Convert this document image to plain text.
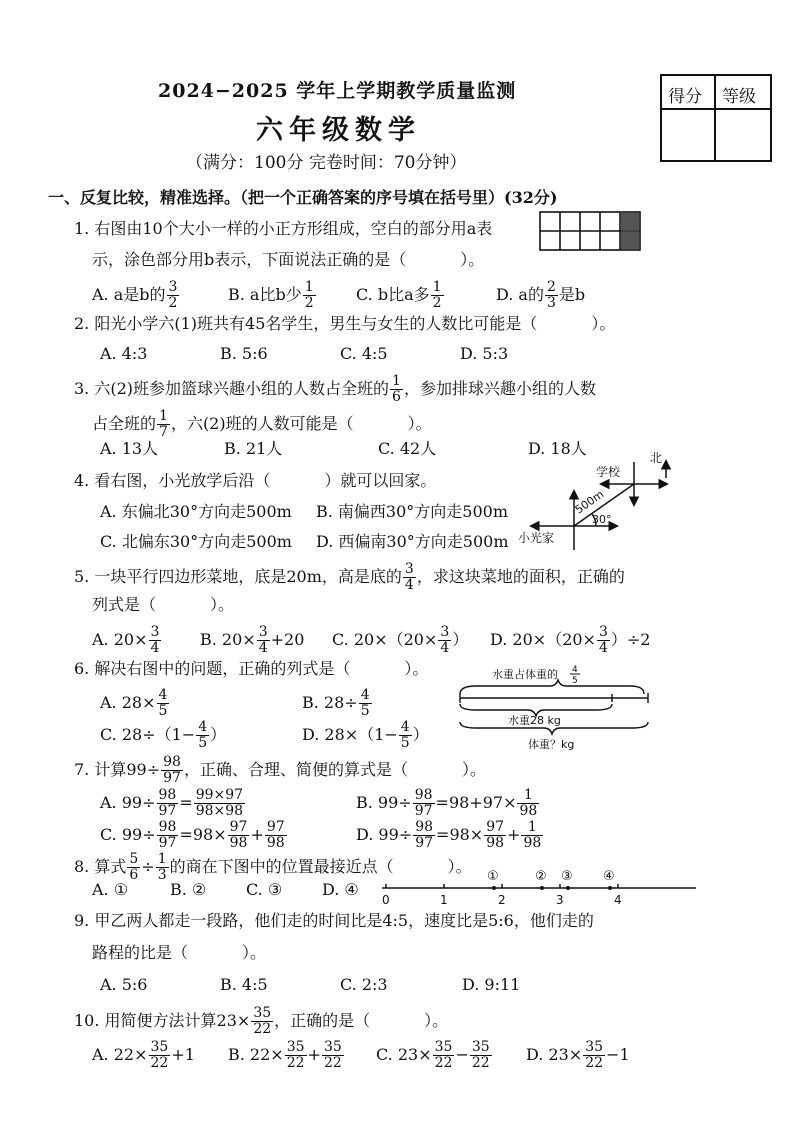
2024−2025 学年上学期教学质量监测
六年级数学
（满分：100分 完卷时间：70分钟）
得分 等级
一、反复比较，精准选择。（把一个正确答案的序号填在括号里）(32分)
1. 右图由10个大小一样的小正方形组成，空白的部分用a表
示，涂色部分用b表示，下面说法正确的是（	）。
A. a是b的 $\frac{3}{2}$	B. a比b少 $\frac{1}{2}$	C. b比a多 $\frac{1}{2}$	D. a的 $\frac{2}{3}$ 是b
2. 阳光小学六(1)班共有45名学生，男生与女生的人数比可能是（	）。
A. 4:3	B. 5:6	C. 4:5	D. 5:3
3. 六(2)班参加篮球兴趣小组的人数占全班的 $\frac{1}{6}$ ，参加排球兴趣小组的人数
占全班的 $\frac{1}{7}$ ，六(2)班的人数可能是（	）。
A. 13人	B. 21人	C. 42人	D. 18人
4. 看右图，小光放学后沿（	）就可以回家。
A. 东偏北30°方向走500m B. 南偏西30°方向走500m
C. 北偏东30°方向走500m D. 西偏南30°方向走500m
学校
北
500m
30°
小光家
5. 一块平行四边形菜地，底是20m，高是底的 $\frac{3}{4}$ ，求这块菜地的面积，正确的
列式是（	）。
A. $20\times \frac{3}{4} B$. $20\times \frac{3}{4} +20$ C. $20\times(20\times \frac{3}{4}$ ） D. $20\times(20\times \frac{3}{4} )\div 2$
6. 解决右图中的问题，正确的列式是（	）。
A. $28\times \frac{4}{5}$	B. $28\div \frac{4}{5}$
C. $28\div(1- \frac{4}{5}$ ）	D. $28\times(1- \frac{4}{5}$ ）
水重占体重的 4
5
水重28 kg
体重？kg
7. 计算$99\div \frac{98}{97}$ ，正确、合理、简便的算式是（	）。
A. $99\div \frac{98}{97} = \frac{99\times 97}{98\times 98}$	B. $99\div \frac{98}{97} =98+97\times \frac{1}{98}$
C. $99\div \frac{98}{97} =98\times \frac{97}{98} + \frac{97}{98}$	D. $99\div \frac{98}{97} =98\times \frac{97}{98} + \frac{1}{98}$
8. 算式 $\frac{5}{6} \div \frac{1}{3}$ 的商在下图中的位置最接近点（	）。
A. ①	B. ② C. ③ D. ④
0	1	2	3	4
①	② ③ ④
9. 甲乙两人都走一段路，他们走的时间比是4:5，速度比是5:6，他们走的
路程的比是（	）。
A. 5:6	B. 4:5	C. 2:3	D. 9:11
10. 用简便方法计算$23\times \frac{35}{22}$ ，正确的是（	）。
A. $22\times \frac{35}{22} +1$ B. $22\times \frac{35}{22} + \frac{35}{22} C$. $23\times \frac{35}{22} - \frac{35}{22} D$. $23\times \frac{35}{22} -1$
